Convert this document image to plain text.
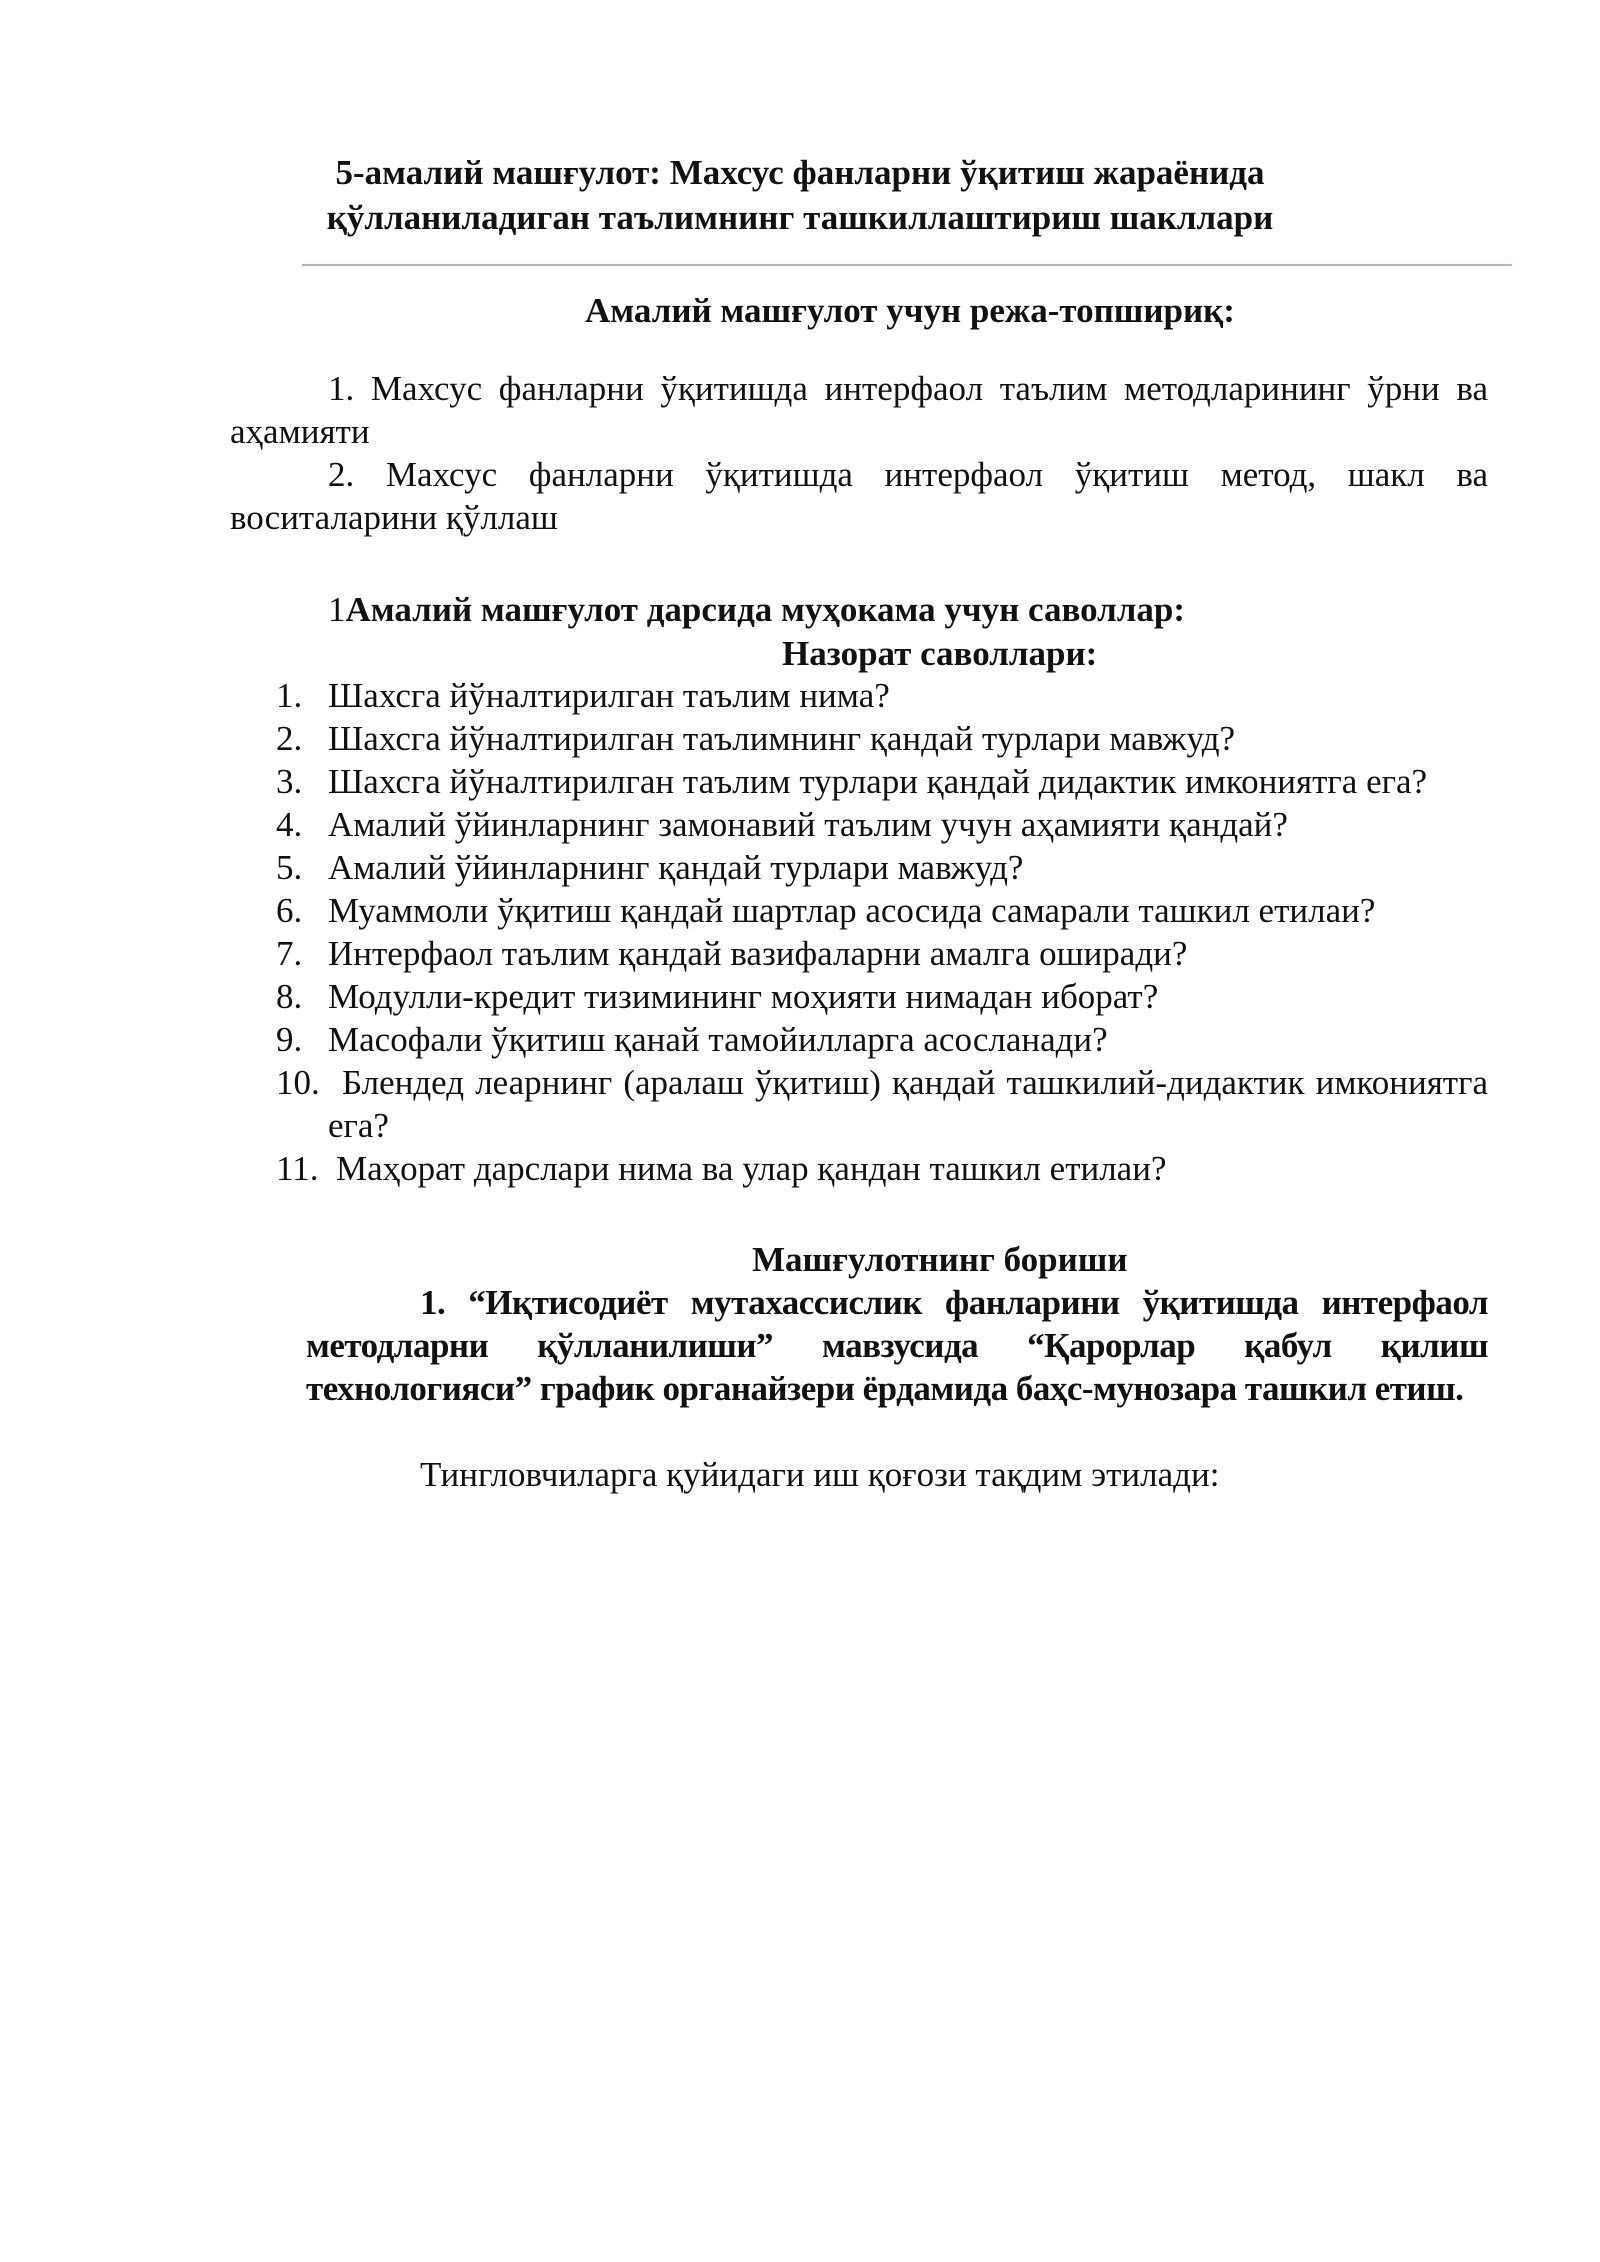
5-амалий машғулот: Махсус фанларни ўқитиш жараёнида
қўлланиладиган таълимнинг ташкиллаштириш шакллари
Амалий машғулот учун режа-топшириқ:

1. Махсус фанларни ўқитишда интерфаол таълим методларининг ўрни ва аҳамияти

2. Махсус фанларни ўқитишда интерфаол ўқитиш метод, шакл ва воситаларини қўллаш

1Амалий машғулот дарсида муҳокама учун саволлар:

Назорат саволлари:

1. Шахсга йўналтирилган таълим нима?
2. Шахсга йўналтирилган таълимнинг қандай турлари мавжуд?
3. Шахсга йўналтирилган таълим турлари қандай дидактик имкониятга ега?
4. Амалий ўйинларнинг замонавий таълим учун аҳамияти қандай?
5. Амалий ўйинларнинг қандай турлари мавжуд?
6. Муаммоли ўқитиш қандай шартлар асосида самарали ташкил етилаи?
7. Интерфаол таълим қандай вазифаларни амалга оширади?
8. Модулли-кредит тизимининг моҳияти нимадан иборат?
9. Масофали ўқитиш қанай тамойилларга асосланади?
10. Блендед леарнинг (аралаш ўқитиш) қандай ташкилий-дидактик имкониятга ега?
11. Маҳорат дарслари нима ва улар қандан ташкил етилаи?

Машғулотнинг бориши

1. “Иқтисодиёт мутахассислик фанларини ўқитишда интерфаол методларни қўлланилиши” мавзусида “Қарорлар қабул қилиш технологияси” график органайзери ёрдамида баҳс-мунозара ташкил етиш.

Тингловчиларга қуйидаги иш қоғози тақдим этилади:
